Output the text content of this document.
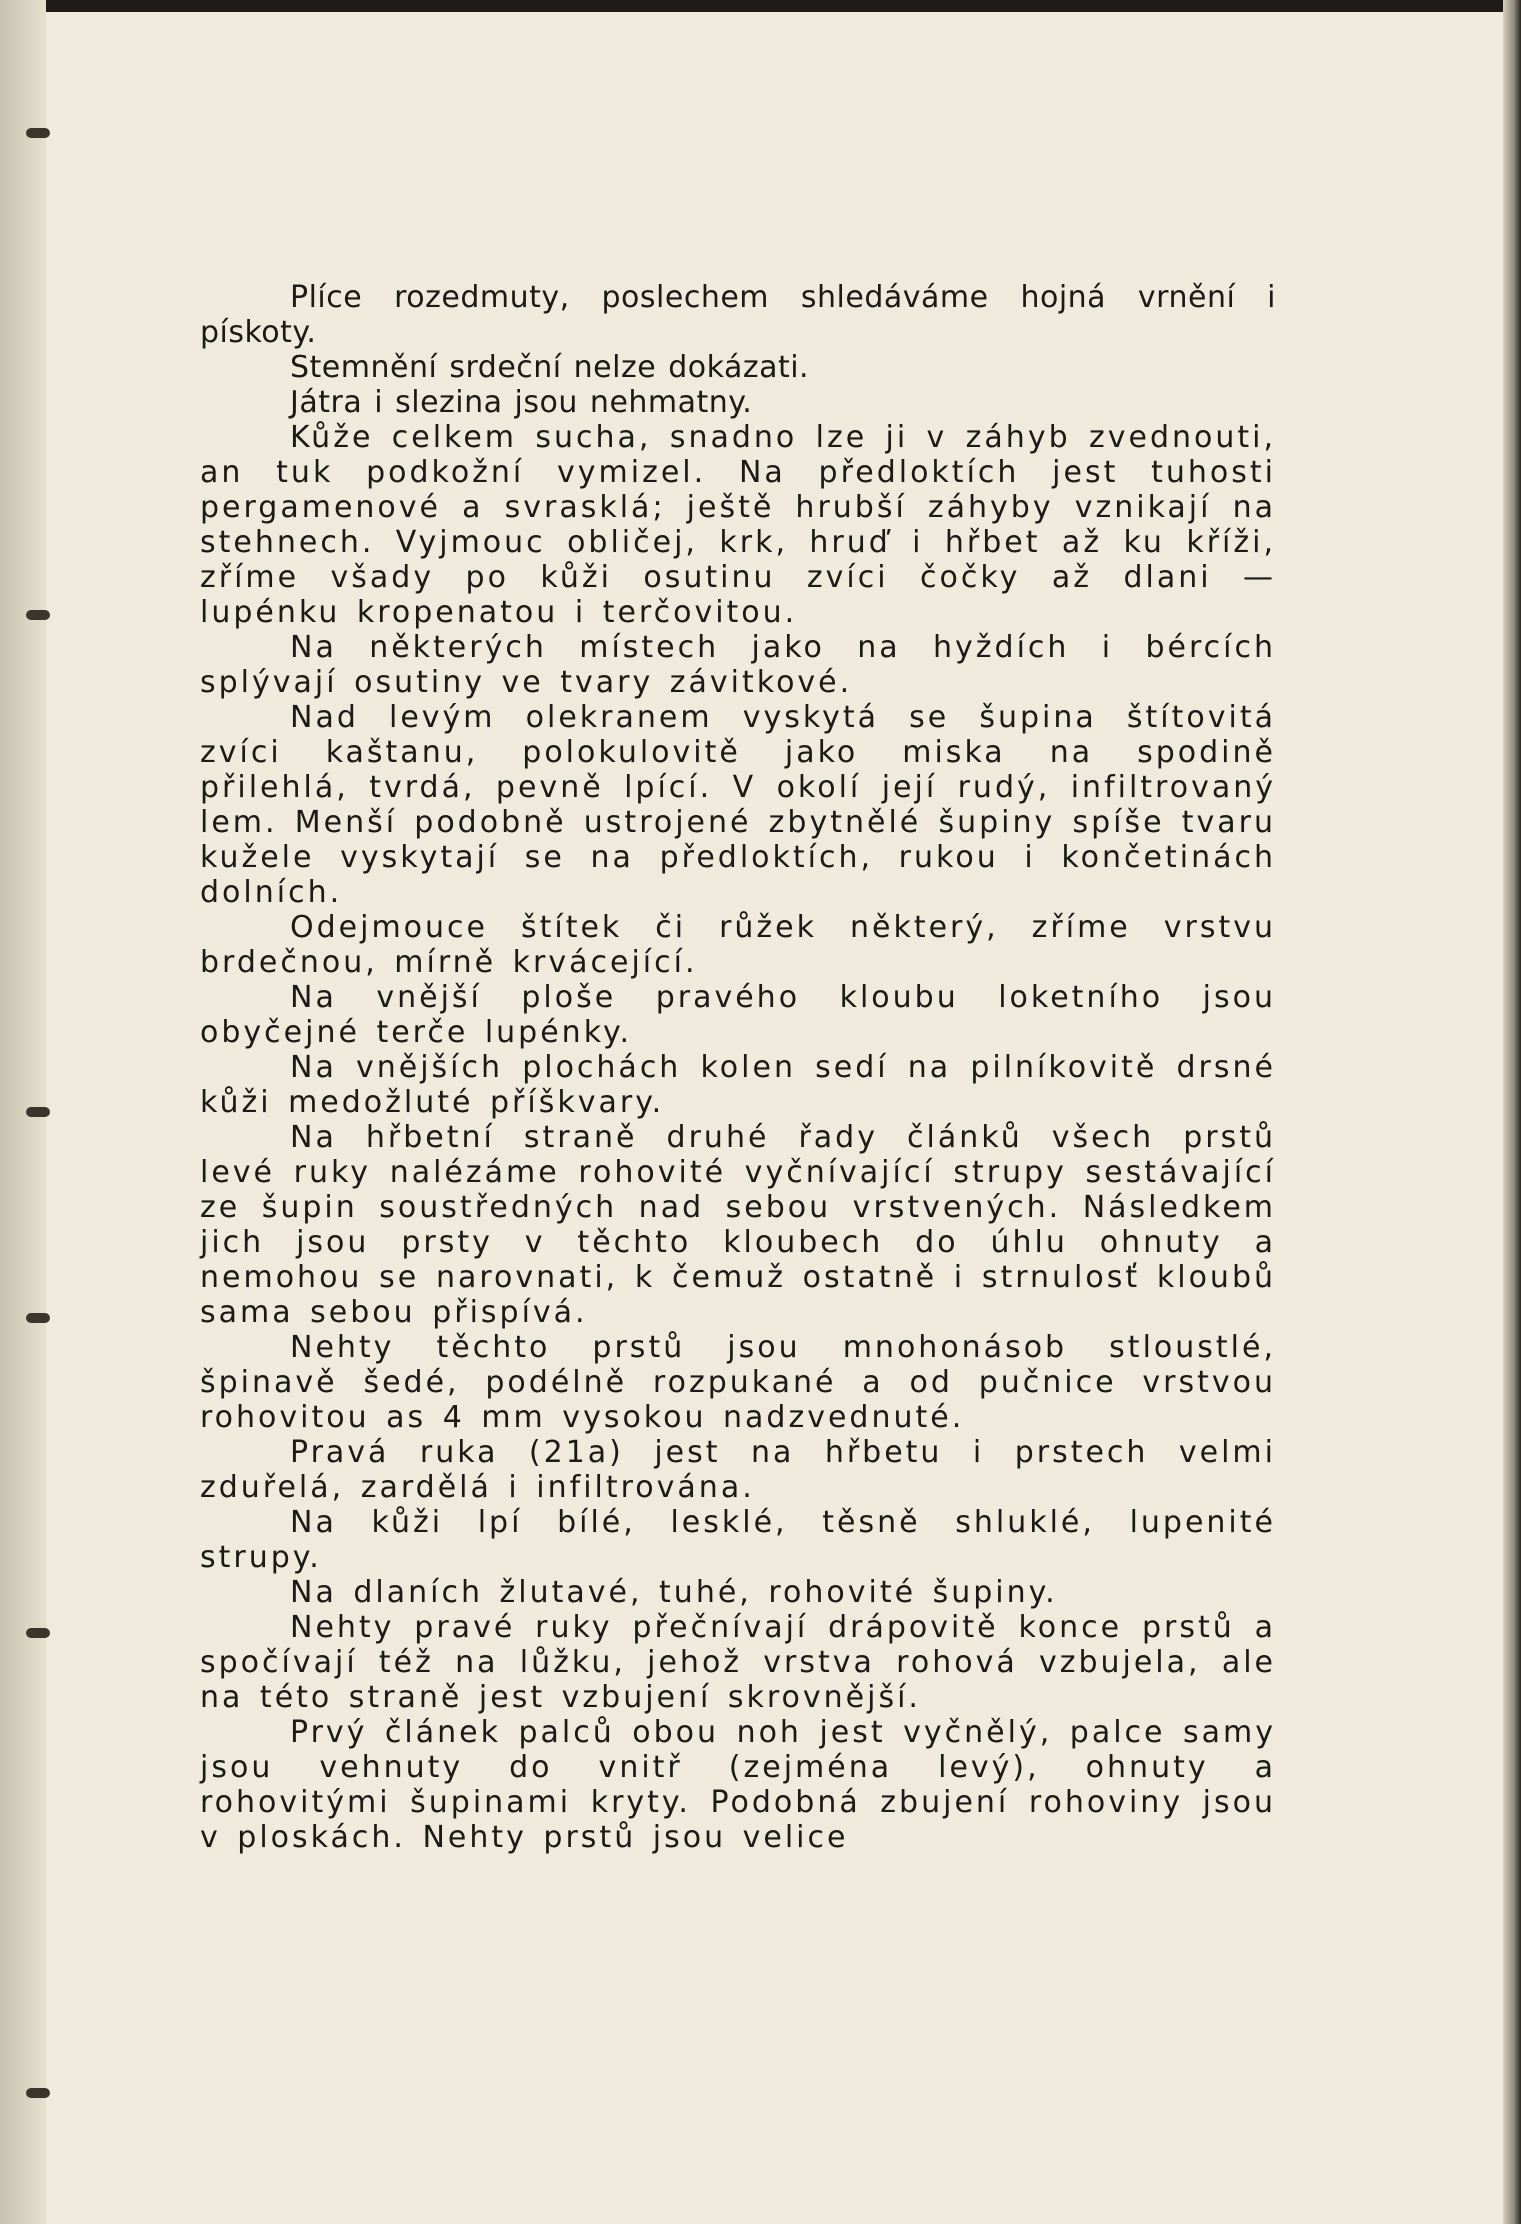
Plíce rozedmuty, poslechem shledáváme hojná vrnění i pískoty.

Stemnění srdeční nelze dokázati.

Játra i slezina jsou nehmatny.

Kůže celkem sucha, snadno lze ji v záhyb zvednouti, an tuk podkožní vymizel. Na předloktích jest tuhosti pergamenové a svrasklá; ještě hrubší záhyby vznikají na stehnech. Vyjmouc obličej, krk, hruď i hřbet až ku kříži, zříme všady po kůži osutinu zvíci čočky až dlani — lupénku kropenatou i terčovitou.

Na některých místech jako na hyždích i bércích splývají osutiny ve tvary závitkové.

Nad levým olekranem vyskytá se šupina štítovitá zvíci kaštanu, polokulovitě jako miska na spodině přilehlá, tvrdá, pevně lpící. V okolí její rudý, infiltrovaný lem. Menší podobně ustrojené zbytnělé šupiny spíše tvaru kužele vyskytají se na předloktích, rukou i končetinách dolních.

Odejmouce štítek či růžek některý, zříme vrstvu brdečnou, mírně krvácející.

Na vnější ploše pravého kloubu loketního jsou obyčejné terče lupénky.

Na vnějších plochách kolen sedí na pilníkovitě drsné kůži medožluté příškvary.

Na hřbetní straně druhé řady článků všech prstů levé ruky nalézáme rohovité vyčnívající strupy sestávající ze šupin soustředných nad sebou vrstvených. Následkem jich jsou prsty v těchto kloubech do úhlu ohnuty a nemohou se narovnati, k čemuž ostatně i strnulosť kloubů sama sebou přispívá.

Nehty těchto prstů jsou mnohonásob stloustlé, špinavě šedé, podélně rozpukané a od pučnice vrstvou rohovitou as 4 mm vysokou nadzvednuté.

Pravá ruka (21a) jest na hřbetu i prstech velmi zduřelá, zardělá i infiltrována.

Na kůži lpí bílé, lesklé, těsně shluklé, lupenité strupy.

Na dlaních žlutavé, tuhé, rohovité šupiny.

Nehty pravé ruky přečnívají drápovitě konce prstů a spočívají též na lůžku, jehož vrstva rohová vzbujela, ale na této straně jest vzbujení skrovnější.

Prvý článek palců obou noh jest vyčnělý, palce samy jsou vehnuty do vnitř (zejména levý), ohnuty a rohovitými šupinami kryty. Podobná zbujení rohoviny jsou v ploskách. Nehty prstů jsou velice
